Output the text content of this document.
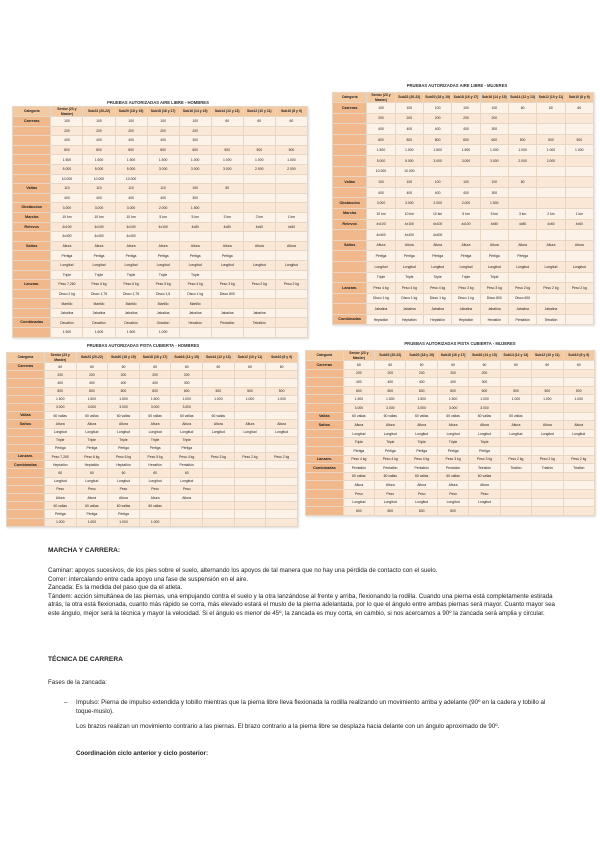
PRUEBAS AUTORIZADAS AIRE LIBRE - HOMBRES
Categoría	Senior (23 y Master)	Sub23 (20-22)	Sub20 (18 y 19)	Sub18 (16 y 17)	Sub16 (14 y 15)	Sub14 (12 y 13)	Sub12 (10 y 11)	Sub10 (8 y 9)
Carreras	100	100	100	100	100	60	60	60
	200	200	200	200	200			
	400	400	400	400	300			
	800	800	800	800	600	500	500	500
	1.500	1.500	1.500	1.500	1.000	1.000	1.000	1.000
	5.000	5.000	5.000	3.000	3.000	3.000	2.000	2.000
	10.000	10.000	10.000					
Vallas	110	110	110	110	100	80		
	400	400	400	400	300			
Obstáculos	3.000	3.000	3.000	2.000	1.500			
Marcha	10 km	10 km	10 km	5 km	5 km	3 km	2 km	1 km
Relevos	4x100	4x100	4x100	4x100	4x80	4x80	4x60	4x60
	4x400	4x400	4x400					
Saltos	Altura	Altura	Altura	Altura	Altura	Altura	Altura	Altura
	Pértiga	Pértiga	Pértiga	Pértiga	Pértiga	Pértiga		
	Longitud	Longitud	Longitud	Longitud	Longitud	Longitud	Longitud	Longitud
	Triple	Triple	Triple	Triple	Triple			
Lanzam.	Peso 7,260	Peso 6 kg	Peso 6 kg	Peso 5 kg	Peso 4 kg	Peso 3 kg	Peso 2 kg	Peso 2 kg
	Disco 2 kg	Disco 1,75	Disco 1,75	Disco 1,5	Disco 1 kg	Disco 800		
	Martillo	Martillo	Martillo	Martillo	Martillo			
	Jabalina	Jabalina	Jabalina	Jabalina	Jabalina	Jabalina	Jabalina	
Combinadas	Decatlón	Decatlón	Decatlón	Octatlón	Hexatlón	Pentatlón	Tetratlón	
	1.500	1.500	1.500	1.000				
PRUEBAS AUTORIZADAS AIRE LIBRE - MUJERES
Categoría	Senior (23 y Master)	Sub23 (20-22)	Sub20 (18 y 19)	Sub18 (16 y 17)	Sub16 (14 y 15)	Sub14 (12 y 13)	Sub12 (10 y 11)	Sub10 (8 y 9)
Carreras	100	100	100	100	100	60	60	60
	200	200	200	200	200			
	400	400	400	400	300			
	800	800	800	800	600	500	500	500
	1.500	1.500	1.500	1.500	1.000	1.000	1.000	1.000
	5.000	5.000	3.000	3.000	3.000	2.000	2.000	
	10.000	10.000						
Vallas	100	100	100	100	100	80		
	400	400	400	400	300			
Obstáculos	3.000	3.000	2.000	2.000	1.500			
Marcha	10 km	10 km	10 km	5 km	5 km	3 km	2 km	1 km
Relevos	4x100	4x100	4x100	4x100	4x80	4x80	4x60	4x60
	4x400	4x400	4x400					
Saltos	Altura	Altura	Altura	Altura	Altura	Altura	Altura	Altura
	Pértiga	Pértiga	Pértiga	Pértiga	Pértiga	Pértiga		
	Longitud	Longitud	Longitud	Longitud	Longitud	Longitud	Longitud	Longitud
	Triple	Triple	Triple	Triple	Triple			
Lanzam.	Peso 4 kg	Peso 4 kg	Peso 4 kg	Peso 3 kg	Peso 3 kg	Peso 2 kg	Peso 2 kg	Peso 2 kg
	Disco 1 kg	Disco 1 kg	Disco 1 kg	Disco 1 kg	Disco 800	Disco 600		
	Jabalina	Jabalina	Jabalina	Jabalina	Jabalina	Jabalina	Jabalina	
Combinadas	Heptatlón	Heptatlón	Heptatlón	Heptatlón	Hexatlón	Pentatlón	Tetratlón	
PRUEBAS AUTORIZADAS PISTA CUBIERTA - HOMBRES
Categoría	Senior (23 y Master)	Sub23 (20-22)	Sub20 (18 y 19)	Sub18 (16 y 17)	Sub16 (14 y 15)	Sub14 (12 y 13)	Sub12 (10 y 11)	Sub10 (8 y 9)
Carreras	60	60	60	60	60	60	60	60
	200	200	200	200	200			
	400	400	400	400	300			
	800	800	800	800	600	500	500	500
	1.500	1.500	1.500	1.500	1.000	1.000	1.000	1.000
	3.000	3.000	3.000	3.000	3.000			
Vallas	60 vallas	60 vallas	60 vallas	60 vallas	60 vallas	60 vallas		
Saltos	Altura	Altura	Altura	Altura	Altura	Altura	Altura	Altura
	Longitud	Longitud	Longitud	Longitud	Longitud	Longitud	Longitud	Longitud
	Triple	Triple	Triple	Triple	Triple			
	Pértiga	Pértiga	Pértiga	Pértiga	Pértiga			
Lanzam.	Peso 7,260	Peso 6 kg	Peso 6 kg	Peso 5 kg	Peso 4 kg	Peso 3 kg	Peso 2 kg	Peso 2 kg
Combinadas	Heptatlón	Heptatlón	Heptatlón	Hexatlón	Pentatlón			
	60	60	60	60	60			
	Longitud	Longitud	Longitud	Longitud	Longitud			
	Peso	Peso	Peso	Peso	Peso			
	Altura	Altura	Altura	Altura	Altura			
	60 vallas	60 vallas	60 vallas	60 vallas				
	Pértiga	Pértiga	Pértiga					
	1.000	1.000	1.000	1.000				
PRUEBAS AUTORIZADAS PISTA CUBIERTA - MUJERES
Categoría	Senior (23 y Master)	Sub23 (20-22)	Sub20 (18 y 19)	Sub18 (16 y 17)	Sub16 (14 y 15)	Sub14 (12 y 13)	Sub12 (10 y 11)	Sub10 (8 y 9)
Carreras	60	60	60	60	60	60	60	60
	200	200	200	200	200			
	400	400	400	400	300			
	800	800	800	800	600	500	500	500
	1.500	1.500	1.500	1.500	1.000	1.000	1.000	1.000
	3.000	3.000	3.000	3.000	3.000			
Vallas	60 vallas	60 vallas	60 vallas	60 vallas	60 vallas	60 vallas		
Saltos	Altura	Altura	Altura	Altura	Altura	Altura	Altura	Altura
	Longitud	Longitud	Longitud	Longitud	Longitud	Longitud	Longitud	Longitud
	Triple	Triple	Triple	Triple	Triple			
	Pértiga	Pértiga	Pértiga	Pértiga	Pértiga			
Lanzam.	Peso 4 kg	Peso 4 kg	Peso 4 kg	Peso 3 kg	Peso 3 kg	Peso 2 kg	Peso 2 kg	Peso 2 kg
Combinadas	Pentatlón	Pentatlón	Pentatlón	Pentatlón	Tetratlón	Triatlón	Triatlón	Triatlón
	60 vallas	60 vallas	60 vallas	60 vallas	60 vallas			
	Altura	Altura	Altura	Altura	Altura			
	Peso	Peso	Peso	Peso	Peso			
	Longitud	Longitud	Longitud	Longitud	Longitud			
	800	800	800	800				
MARCHA Y CARRERA:

Caminar: apoyos sucesivos, de los pies sobre el suelo, alternando los apoyos de tal manera que no hay una pérdida de contacto con el suelo.

Correr: intercalando entre cada apoyo una fase de suspensión en el aire.

Zancada: Es la medida del paso que da el atleta.

Tándem: acción simultánea de las piernas, una empujando contra el suelo y la otra lanzándose al frente y arriba, flexionando la rodilla. Cuando una pierna está completamente estirada atrás, la otra está flexionada, cuanto más rápido se corra, más elevado estará el muslo de la pierna adelantada, por lo que el ángulo entre ambas piernas será mayor. Cuanto mayor sea este ángulo, mejor será la técnica y mayor la velocidad. Si el ángulo es menor de 45º, la zancada es muy corta, en cambio, si nos acercamos a 90º la zancada será amplia y circular.

TÉCNICA DE CARRERA
Fases de la zancada:
– Impulso: Pierna de impulso extendida y tobillo mientras que la pierna libre lleva flexionada la rodilla realizando un movimiento arriba y adelante (90º en la cadera y tobillo al toque-muslo).
Los brazos realizan un movimiento contrario a las piernas. El brazo contrario a la pierna libre se desplaza hacia delante con un ángulo aproximado de 90º.
Coordinación ciclo anterior y ciclo posterior:
